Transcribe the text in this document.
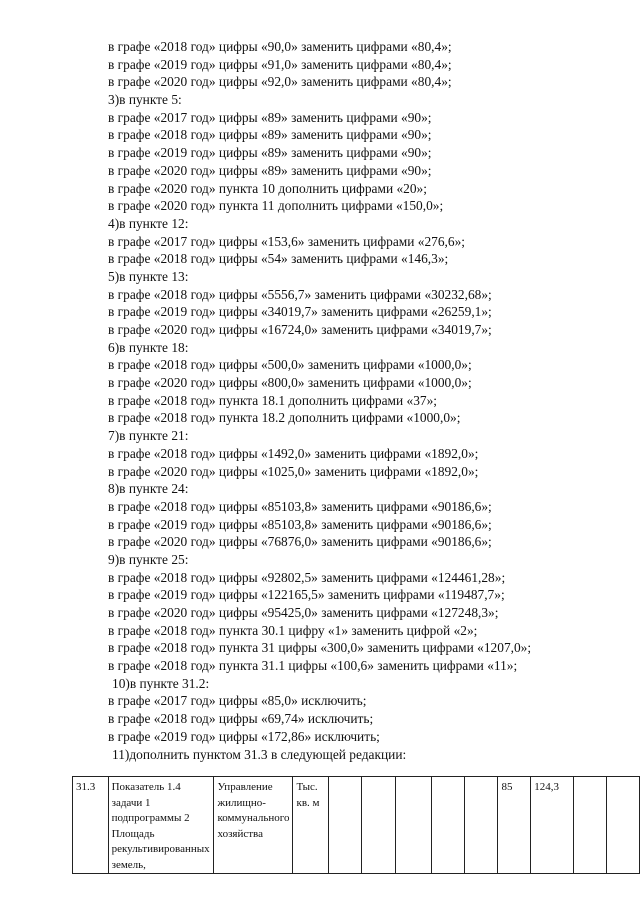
в графе «2018 год» цифры «90,0» заменить цифрами «80,4»;
в графе «2019 год» цифры «91,0» заменить цифрами «80,4»;
в графе «2020 год» цифры «92,0» заменить цифрами «80,4»;
3)в пункте 5:
в графе «2017 год» цифры «89» заменить цифрами «90»;
в графе «2018 год» цифры «89» заменить цифрами «90»;
в графе «2019 год» цифры «89» заменить цифрами «90»;
в графе «2020 год» цифры «89» заменить цифрами «90»;
в графе «2020 год» пункта 10 дополнить цифрами «20»;
в графе «2020 год» пункта 11 дополнить цифрами «150,0»;
4)в пункте 12:
в графе «2017 год» цифры «153,6» заменить цифрами «276,6»;
в графе «2018 год» цифры «54» заменить цифрами «146,3»;
5)в пункте 13:
в графе «2018 год» цифры «5556,7» заменить цифрами «30232,68»;
в графе «2019 год» цифры «34019,7» заменить цифрами «26259,1»;
в графе «2020 год» цифры «16724,0» заменить цифрами «34019,7»;
6)в пункте 18:
в графе «2018 год» цифры «500,0» заменить цифрами «1000,0»;
в графе «2020 год» цифры «800,0» заменить цифрами «1000,0»;
в графе «2018 год» пункта 18.1 дополнить цифрами «37»;
в графе «2018 год» пункта 18.2 дополнить цифрами «1000,0»;
7)в пункте 21:
в графе «2018 год» цифры «1492,0» заменить цифрами «1892,0»;
в графе «2020 год» цифры «1025,0» заменить цифрами «1892,0»;
8)в пункте 24:
в графе «2018 год» цифры «85103,8» заменить цифрами «90186,6»;
в графе «2019 год» цифры «85103,8» заменить цифрами «90186,6»;
в графе «2020 год» цифры «76876,0» заменить цифрами «90186,6»;
9)в пункте 25:
в графе «2018 год» цифры «92802,5» заменить цифрами «124461,28»;
в графе «2019 год» цифры «122165,5» заменить цифрами «119487,7»;
в графе «2020 год» цифры «95425,0» заменить цифрами «127248,3»;
в графе «2018 год» пункта 30.1 цифру «1» заменить цифрой «2»;
в графе «2018 год» пункта 31 цифры «300,0» заменить цифрами «1207,0»;
в графе «2018 год» пункта 31.1 цифры «100,6» заменить цифрами «11»;
10)в пункте 31.2:
в графе «2017 год» цифры «85,0» исключить;
в графе «2018 год» цифры «69,74» исключить;
в графе «2019 год» цифры «172,86» исключить;
11)дополнить пунктом 31.3 в следующей редакции:
31.3	Показатель 1.4 задачи 1 подпрограммы 2 Площадь рекультивированных земель,	Управление жилищно-коммунального хозяйства	Тыс. кв. м						85	124,3		
